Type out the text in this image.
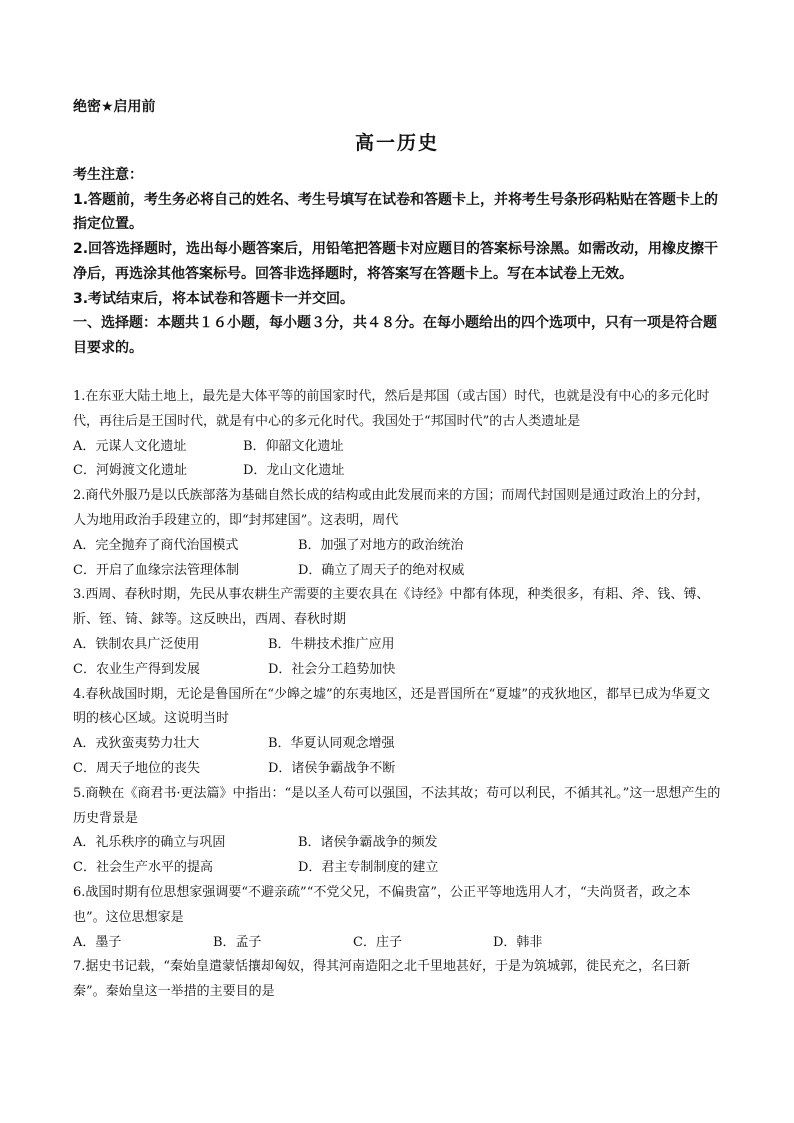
绝密★启用前
高一历史

考生注意：

1.答题前，考生务必将自己的姓名、考生号填写在试卷和答题卡上，并将考生号条形码粘贴在答题卡上的指定位置。

2.回答选择题时，选出每小题答案后，用铅笔把答题卡对应题目的答案标号涂黑。如需改动，用橡皮擦干净后，再选涂其他答案标号。回答非选择题时，将答案写在答题卡上。写在本试卷上无效。

3.考试结束后，将本试卷和答题卡一并交回。

一、选择题：本题共１６小题，每小题３分，共４８分。在每小题给出的四个选项中，只有一项是符合题目要求的。

1.在东亚大陆土地上，最先是大体平等的前国家时代，然后是邦国（或古国）时代，也就是没有中心的多元化时代，再往后是王国时代，就是有中心的多元化时代。我国处于“邦国时代”的古人类遗址是
A．元谋人文化遗址	B．仰韶文化遗址
C．河姆渡文化遗址	D．龙山文化遗址
2.商代外服乃是以氏族部落为基础自然长成的结构或由此发展而来的方国；而周代封国则是通过政治上的分封，人为地用政治手段建立的，即“封邦建国”。这表明，周代
A．完全抛弃了商代治国模式	B．加强了对地方的政治统治
C．开启了血缘宗法管理体制	D．确立了周天子的绝对权威
3.西周、春秋时期，先民从事农耕生产需要的主要农具在《诗经》中都有体现，种类很多，有耜、斧、钱、镈、斨、铚、锜、銶等。这反映出，西周、春秋时期
A．铁制农具广泛使用	B．牛耕技术推广应用
C．农业生产得到发展	D．社会分工趋势加快
4.春秋战国时期，无论是鲁国所在“少皞之墟”的东夷地区，还是晋国所在“夏墟”的戎狄地区，都早已成为华夏文明的核心区域。这说明当时
A．戎狄蛮夷势力壮大	B．华夏认同观念增强
C．周天子地位的丧失	D．诸侯争霸战争不断
5.商鞅在《商君书·更法篇》中指出：“是以圣人苟可以强国，不法其故；苟可以利民，不循其礼。”这一思想产生的历史背景是
A．礼乐秩序的确立与巩固	B．诸侯争霸战争的频发
C．社会生产水平的提高	D．君主专制制度的建立
6.战国时期有位思想家强调要“不避亲疏”“不党父兄，不偏贵富”，公正平等地选用人才，“夫尚贤者，政之本也”。这位思想家是
A．墨子	B．孟子	C．庄子	D．韩非
7.据史书记载，“秦始皇遣蒙恬攘却匈奴，得其河南造阳之北千里地甚好，于是为筑城郭，徙民充之，名曰新秦”。秦始皇这一举措的主要目的是
